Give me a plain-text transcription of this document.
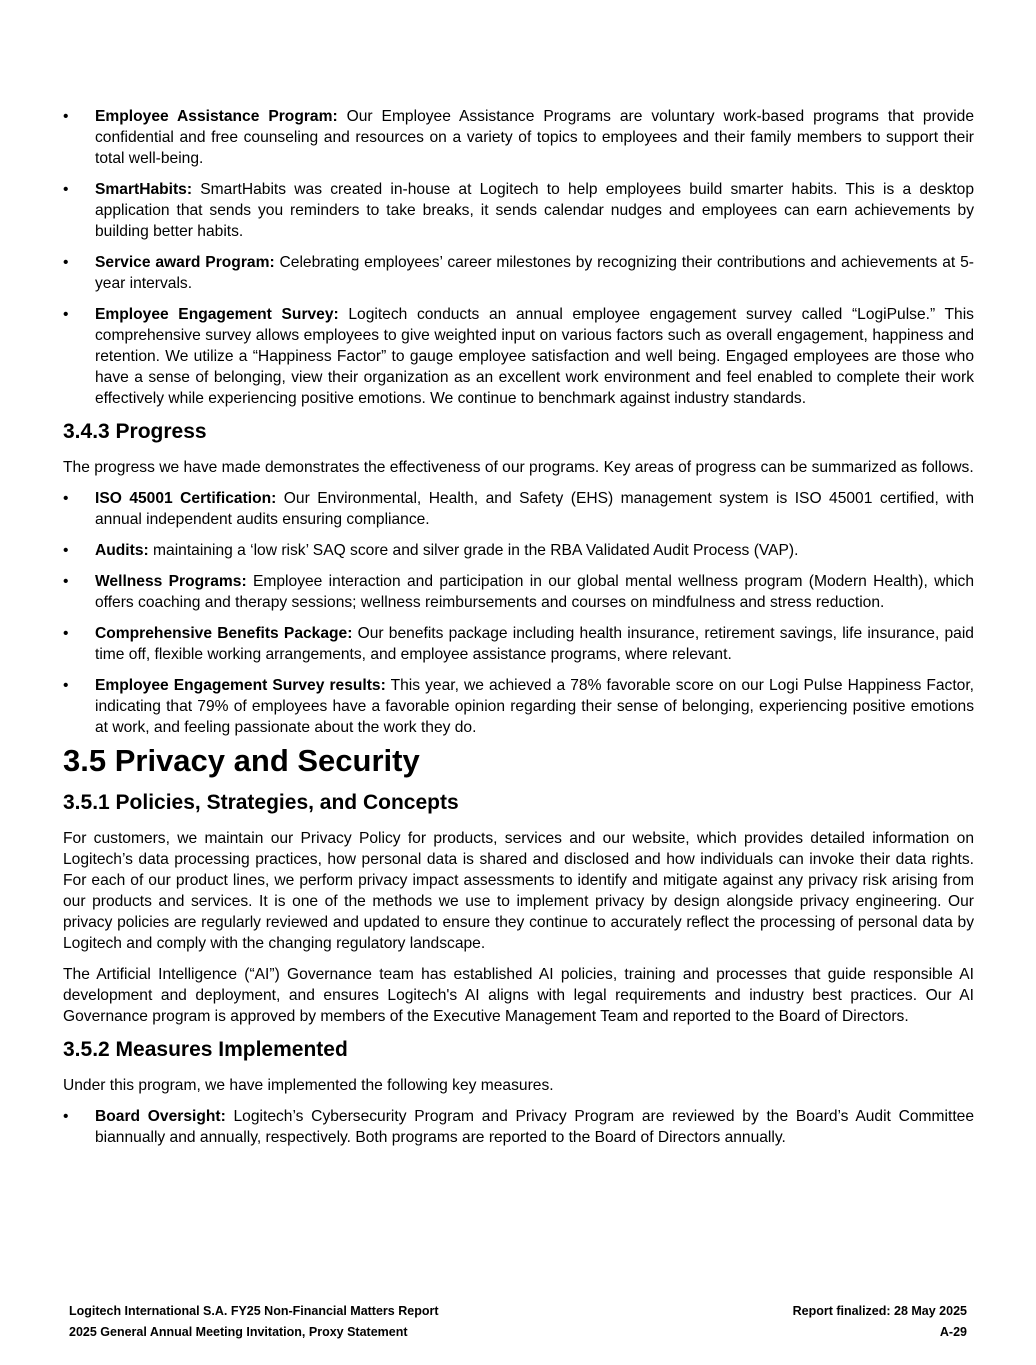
• Employee Assistance Program: Our Employee Assistance Programs are voluntary work-based programs that provide confidential and free counseling and resources on a variety of topics to employees and their family members to support their total well-being.
• SmartHabits: SmartHabits was created in-house at Logitech to help employees build smarter habits. This is a desktop application that sends you reminders to take breaks, it sends calendar nudges and employees can earn achievements by building better habits.
• Service award Program: Celebrating employees’ career milestones by recognizing their contributions and achievements at 5-year intervals.
• Employee Engagement Survey: Logitech conducts an annual employee engagement survey called “LogiPulse.” This comprehensive survey allows employees to give weighted input on various factors such as overall engagement, happiness and retention. We utilize a “Happiness Factor” to gauge employee satisfaction and well being. Engaged employees are those who have a sense of belonging, view their organization as an excellent work environment and feel enabled to complete their work effectively while experiencing positive emotions. We continue to benchmark against industry standards.
3.4.3 Progress

The progress we have made demonstrates the effectiveness of our programs. Key areas of progress can be summarized as follows.

• ISO 45001 Certification: Our Environmental, Health, and Safety (EHS) management system is ISO 45001 certified, with annual independent audits ensuring compliance.
• Audits: maintaining a ‘low risk’ SAQ score and silver grade in the RBA Validated Audit Process (VAP).
• Wellness Programs: Employee interaction and participation in our global mental wellness program (Modern Health), which offers coaching and therapy sessions; wellness reimbursements and courses on mindfulness and stress reduction.
• Comprehensive Benefits Package: Our benefits package including health insurance, retirement savings, life insurance, paid time off, flexible working arrangements, and employee assistance programs, where relevant.
• Employee Engagement Survey results: This year, we achieved a 78% favorable score on our Logi Pulse Happiness Factor, indicating that 79% of employees have a favorable opinion regarding their sense of belonging, experiencing positive emotions at work, and feeling passionate about the work they do.
3.5 Privacy and Security
3.5.1 Policies, Strategies, and Concepts

For customers, we maintain our Privacy Policy for products, services and our website, which provides detailed information on Logitech’s data processing practices, how personal data is shared and disclosed and how individuals can invoke their data rights. For each of our product lines, we perform privacy impact assessments to identify and mitigate against any privacy risk arising from our products and services. It is one of the methods we use to implement privacy by design alongside privacy engineering. Our privacy policies are regularly reviewed and updated to ensure they continue to accurately reflect the processing of personal data by Logitech and comply with the changing regulatory landscape.

The Artificial Intelligence (“AI”) Governance team has established AI policies, training and processes that guide responsible AI development and deployment, and ensures Logitech's AI aligns with legal requirements and industry best practices. Our AI Governance program is approved by members of the Executive Management Team and reported to the Board of Directors.

3.5.2 Measures Implemented

Under this program, we have implemented the following key measures.

• Board Oversight: Logitech’s Cybersecurity Program and Privacy Program are reviewed by the Board’s Audit Committee biannually and annually, respectively. Both programs are reported to the Board of Directors annually.
Logitech International S.A. FY25 Non-Financial Matters Report	Report finalized: 28 May 2025
2025 General Annual Meeting Invitation, Proxy Statement	A-29
